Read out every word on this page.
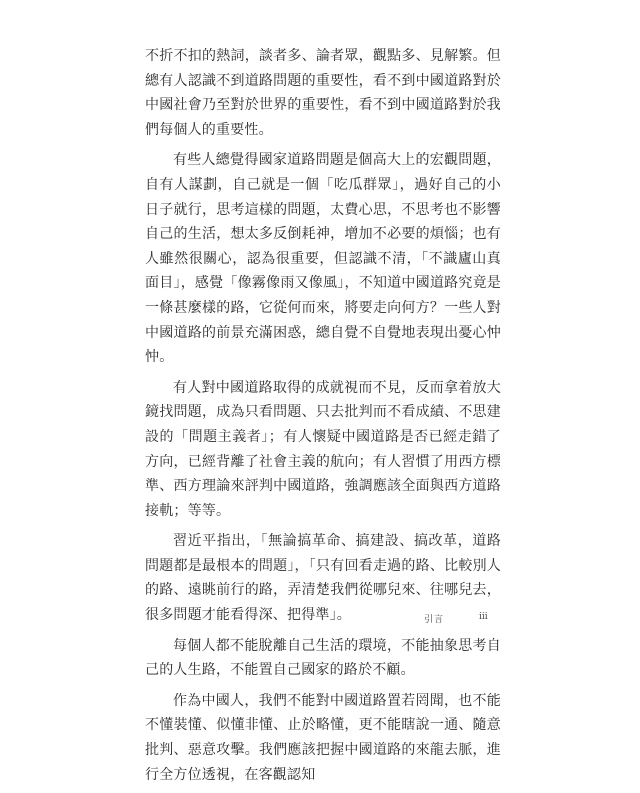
不折不扣的熱詞，談者多、論者眾，觀點多、見解繁。但總有人認識不到道路問題的重要性，看不到中國道路對於中國社會乃至對於世界的重要性，看不到中國道路對於我們每個人的重要性。

有些人總覺得國家道路問題是個高大上的宏觀問題，自有人謀劃，自己就是一個「吃瓜群眾」，過好自己的小日子就行，思考這樣的問題，太費心思，不思考也不影響自己的生活，想太多反倒耗神，增加不必要的煩惱；也有人雖然很關心，認為很重要，但認識不清，「不識廬山真面目」，感覺「像霧像雨又像風」，不知道中國道路究竟是一條甚麼樣的路，它從何而來，將要走向何方？一些人對中國道路的前景充滿困惑，總自覺不自覺地表現出憂心忡忡。

有人對中國道路取得的成就視而不見，反而拿着放大鏡找問題，成為只看問題、只去批判而不看成績、不思建設的「問題主義者」；有人懷疑中國道路是否已經走錯了方向，已經背離了社會主義的航向；有人習慣了用西方標準、西方理論來評判中國道路，強調應該全面與西方道路接軌；等等。

習近平指出，「無論搞革命、搞建設、搞改革，道路問題都是最根本的問題」，「只有回看走過的路、比較別人的路、遠眺前行的路，弄清楚我們從哪兒來、往哪兒去，很多問題才能看得深、把得準」。

每個人都不能脫離自己生活的環境，不能抽象思考自己的人生路，不能置自己國家的路於不顧。

作為中國人，我們不能對中國道路置若罔聞，也不能不懂裝懂、似懂非懂、止於略懂，更不能瞎說一通、隨意批判、惡意攻擊。我們應該把握中國道路的來龍去脈，進行全方位透視，在客觀認知

引言	iii
